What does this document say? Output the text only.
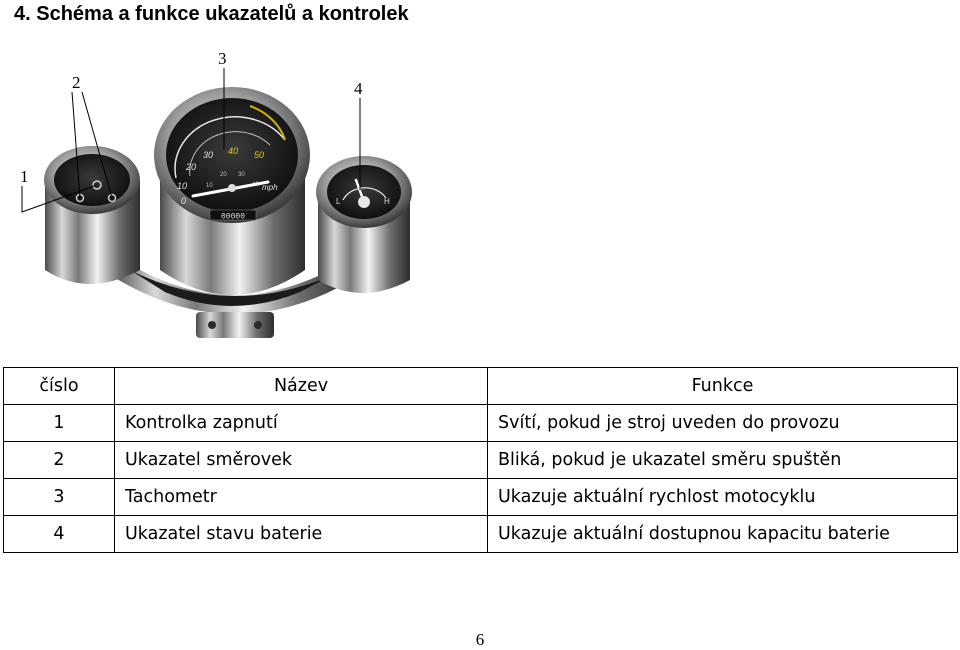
4. Schéma a funkce ukazatelů a kontrolek
0
10
20
30 40 50
10
20 30
mph
00000
L	H
1
2
3
4
číslo	Název	Funkce
1	Kontrolka zapnutí	Svítí, pokud je stroj uveden do provozu
2	Ukazatel směrovek	Bliká, pokud je ukazatel směru spuštěn
3	Tachometr	Ukazuje aktuální rychlost motocyklu
4	Ukazatel stavu baterie	Ukazuje aktuální dostupnou kapacitu baterie
6
